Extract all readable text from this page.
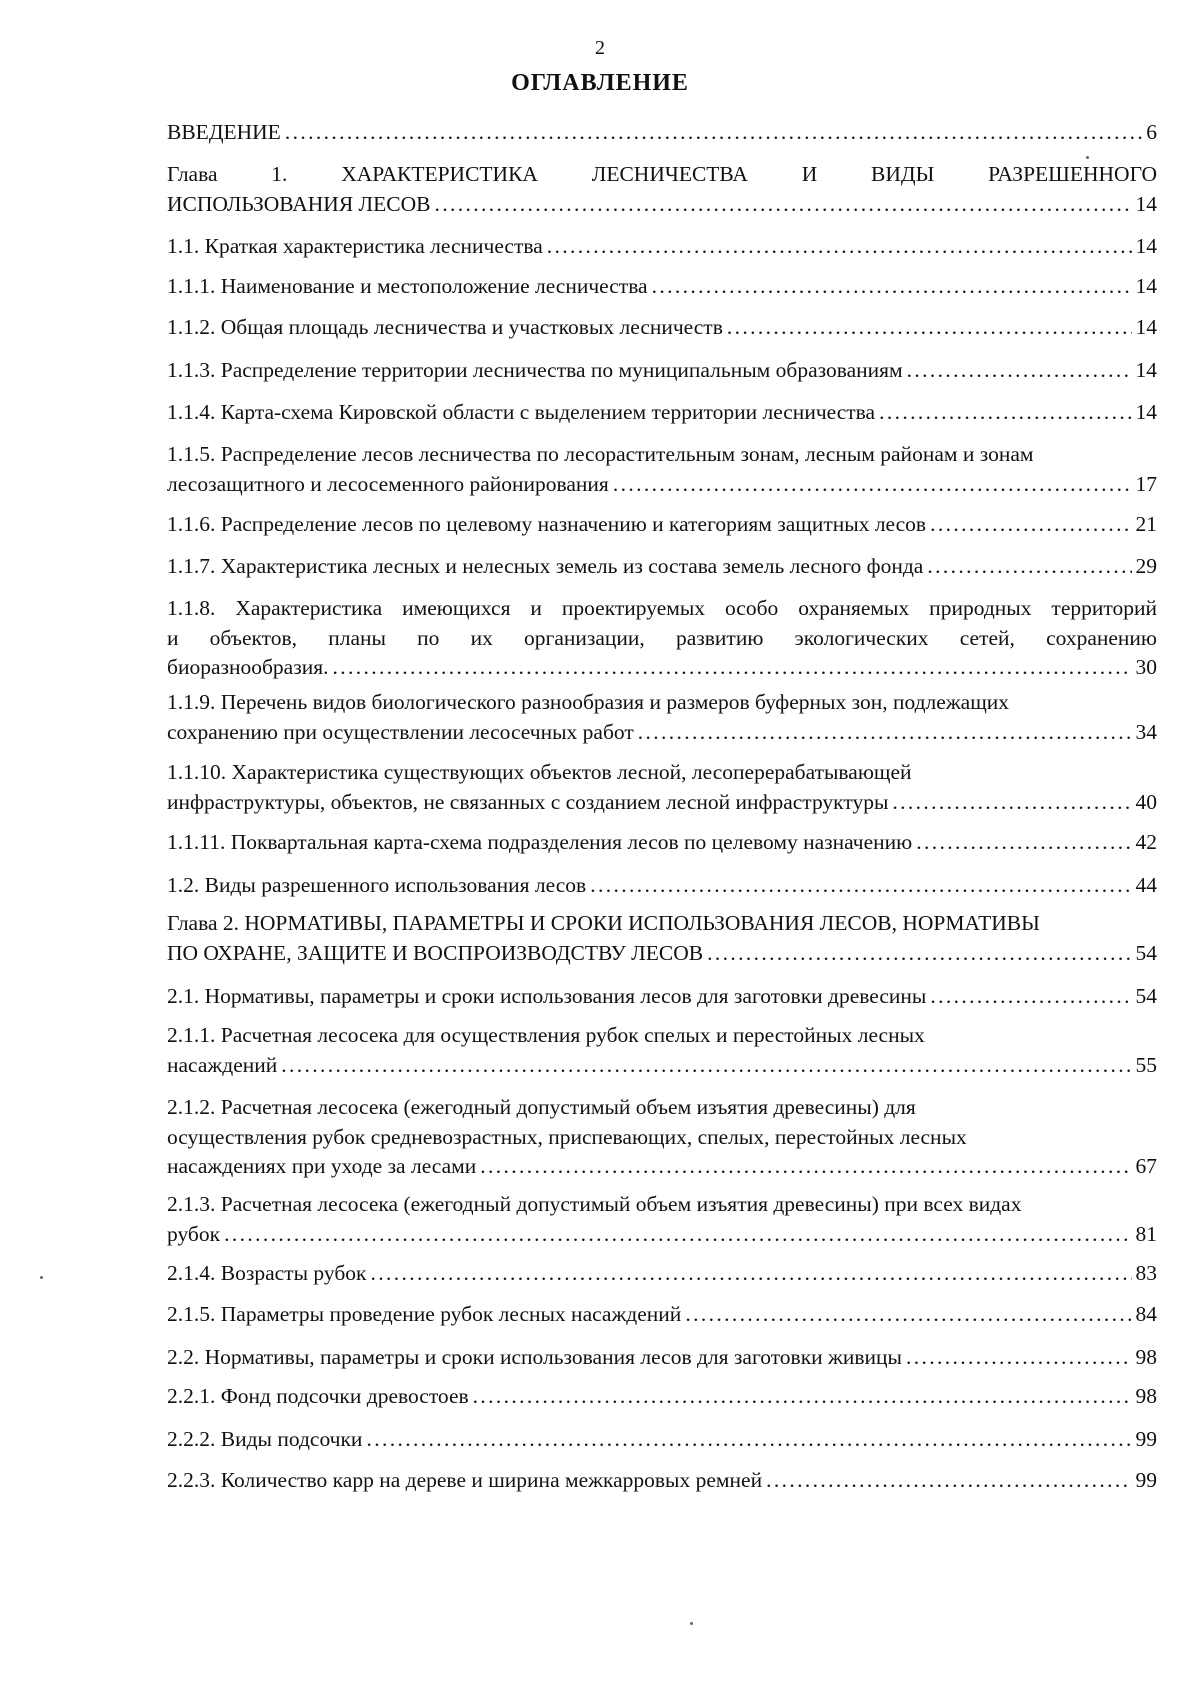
2
ОГЛАВЛЕНИЕ
ВВЕДЕНИЕ . . .	6
Глава 1. ХАРАКТЕРИСТИКА ЛЕСНИЧЕСТВА И ВИДЫ РАЗРЕШЕННОГО
ИСПОЛЬЗОВАНИЯ ЛЕСОВ . . .	14
1.1. Краткая характеристика лесничества . . .	14
1.1.1. Наименование и местоположение лесничества . . .	14
1.1.2. Общая площадь лесничества и участковых лесничеств . . .	14
1.1.3. Распределение территории лесничества по муниципальным образованиям . . .	14
1.1.4. Карта-схема Кировской области с выделением территории лесничества . . .	14
1.1.5. Распределение лесов лесничества по лесорастительным зонам, лесным районам и зонам
лесозащитного и лесосеменного районирования . . .	17
1.1.6. Распределение лесов по целевому назначению и категориям защитных лесов . . .	21
1.1.7. Характеристика лесных и нелесных земель из состава земель лесного фонда . . .	29
1.1.8. Характеристика имеющихся и проектируемых особо охраняемых природных территорий
и объектов, планы по их организации, развитию экологических сетей, сохранению
биоразнообразия. . . .	30
1.1.9. Перечень видов биологического разнообразия и размеров буферных зон, подлежащих
сохранению при осуществлении лесосечных работ . . .	34
1.1.10. Характеристика существующих объектов лесной, лесоперерабатывающей
инфраструктуры, объектов, не связанных с созданием лесной инфраструктуры . . .	40
1.1.11. Поквартальная карта-схема подразделения лесов по целевому назначению . . .	42
1.2. Виды разрешенного использования лесов . . .	44
Глава 2. НОРМАТИВЫ, ПАРАМЕТРЫ И СРОКИ ИСПОЛЬЗОВАНИЯ ЛЕСОВ, НОРМАТИВЫ
ПО ОХРАНЕ, ЗАЩИТЕ И ВОСПРОИЗВОДСТВУ ЛЕСОВ . . .	54
2.1. Нормативы, параметры и сроки использования лесов для заготовки древесины . . .	54
2.1.1. Расчетная лесосека для осуществления рубок спелых и перестойных лесных
насаждений . . .	55
2.1.2. Расчетная лесосека (ежегодный допустимый объем изъятия древесины) для
осуществления рубок средневозрастных, приспевающих, спелых, перестойных лесных
насаждениях при уходе за лесами . . .	67
2.1.3. Расчетная лесосека (ежегодный допустимый объем изъятия древесины) при всех видах
рубок . . .	81
2.1.4. Возрасты рубок . . .	83
2.1.5. Параметры проведение рубок лесных насаждений . . .	84
2.2. Нормативы, параметры и сроки использования лесов для заготовки живицы . . .	98
2.2.1. Фонд подсочки древостоев . . .	98
2.2.2. Виды подсочки . . .	99
2.2.3. Количество карр на дереве и ширина межкарровых ремней . . .	99
